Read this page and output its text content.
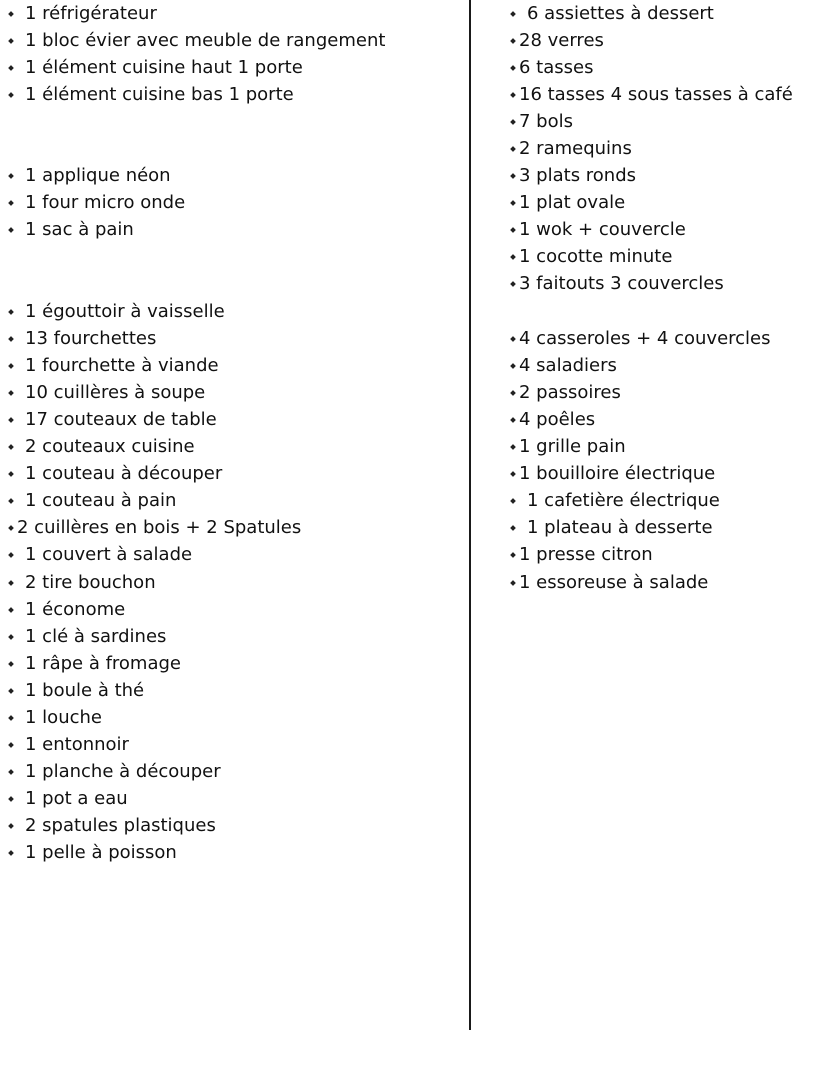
1 réfrigérateur
1 bloc évier avec meuble de rangement
1 élément cuisine haut 1 porte
1 élément cuisine bas 1 porte
1 applique néon
1 four micro onde
1 sac à pain
1 égouttoir à vaisselle
13 fourchettes
1 fourchette à viande
10 cuillères à soupe
17 couteaux de table
2 couteaux cuisine
1 couteau à découper
1 couteau à pain
2 cuillères en bois + 2 Spatules
1 couvert à salade
2 tire bouchon
1 économe
1 clé à sardines
1 râpe à fromage
1 boule à thé
1 louche
1 entonnoir
1 planche à découper
1 pot a eau
2 spatules plastiques
1 pelle à poisson
6 assiettes à dessert
28 verres
6 tasses
16 tasses 4 sous tasses à café
7 bols
2 ramequins
3 plats ronds
1 plat ovale
1 wok + couvercle
1 cocotte minute
3 faitouts 3 couvercles
4 casseroles + 4 couvercles
4 saladiers
2 passoires
4 poêles
1 grille pain
1 bouilloire électrique
1 cafetière électrique
1 plateau à desserte
1 presse citron
1 essoreuse à salade
